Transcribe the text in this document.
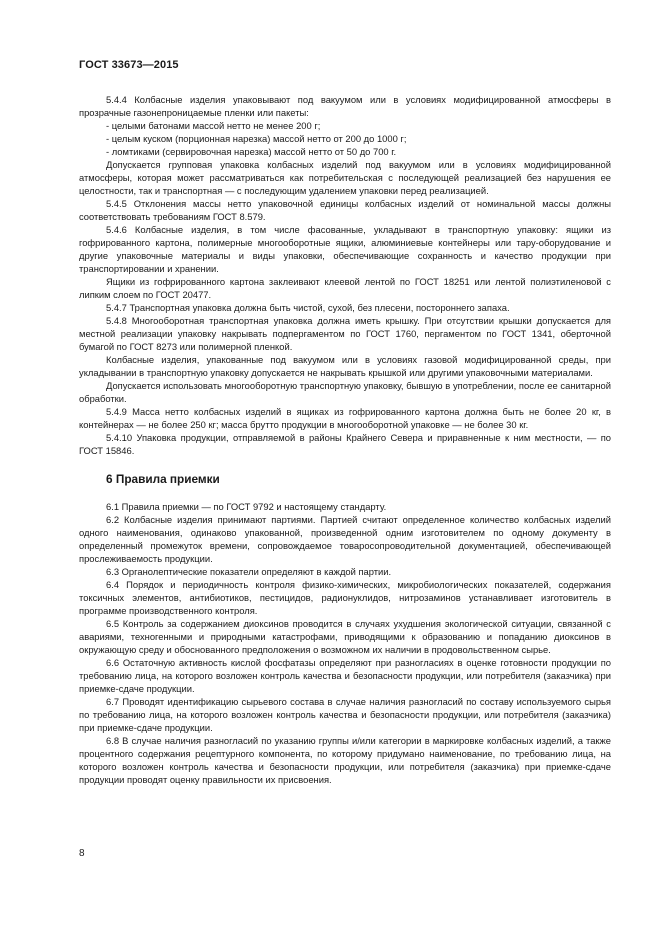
ГОСТ 33673—2015

5.4.4 Колбасные изделия упаковывают под вакуумом или в условиях модифицированной атмосферы в прозрачные газонепроницаемые пленки или пакеты:

- целыми батонами массой нетто не менее 200 г;

- целым куском (порционная нарезка) массой нетто от 200 до 1000 г;

- ломтиками (сервировочная нарезка) массой нетто от 50 до 700 г.

Допускается групповая упаковка колбасных изделий под вакуумом или в условиях модифицированной атмосферы, которая может рассматриваться как потребительская с последующей реализацией без нарушения ее целостности, так и транспортная — с последующим удалением упаковки перед реализацией.

5.4.5 Отклонения массы нетто упаковочной единицы колбасных изделий от номинальной массы должны соответствовать требованиям ГОСТ 8.579.

5.4.6 Колбасные изделия, в том числе фасованные, укладывают в транспортную упаковку: ящики из гофрированного картона, полимерные многооборотные ящики, алюминиевые контейнеры или тару-оборудование и другие упаковочные материалы и виды упаковки, обеспечивающие сохранность и качество продукции при транспортировании и хранении.

Ящики из гофрированного картона заклеивают клеевой лентой по ГОСТ 18251 или лентой полиэтиленовой с липким слоем по ГОСТ 20477.

5.4.7 Транспортная упаковка должна быть чистой, сухой, без плесени, постороннего запаха.

5.4.8 Многооборотная транспортная упаковка должна иметь крышку. При отсутствии крышки допускается для местной реализации упаковку накрывать подпергаментом по ГОСТ 1760, пергаментом по ГОСТ 1341, оберточной бумагой по ГОСТ 8273 или полимерной пленкой.

Колбасные изделия, упакованные под вакуумом или в условиях газовой модифицированной среды, при укладывании в транспортную упаковку допускается не накрывать крышкой или другими упаковочными материалами.

Допускается использовать многооборотную транспортную упаковку, бывшую в употреблении, после ее санитарной обработки.

5.4.9 Масса нетто колбасных изделий в ящиках из гофрированного картона должна быть не более 20 кг, в контейнерах — не более 250 кг; масса брутто продукции в многооборотной упаковке — не более 30 кг.

5.4.10 Упаковка продукции, отправляемой в районы Крайнего Севера и приравненные к ним местности, — по ГОСТ 15846.

6 Правила приемки

6.1 Правила приемки — по ГОСТ 9792 и настоящему стандарту.

6.2 Колбасные изделия принимают партиями. Партией считают определенное количество колбасных изделий одного наименования, одинаково упакованной, произведенной одним изготовителем по одному документу в определенный промежуток времени, сопровождаемое товаросопроводительной документацией, обеспечивающей прослеживаемость продукции.

6.3 Органолептические показатели определяют в каждой партии.

6.4 Порядок и периодичность контроля физико-химических, микробиологических показателей, содержания токсичных элементов, антибиотиков, пестицидов, радионуклидов, нитрозаминов устанавливает изготовитель в программе производственного контроля.

6.5 Контроль за содержанием диоксинов проводится в случаях ухудшения экологической ситуации, связанной с авариями, техногенными и природными катастрофами, приводящими к образованию и попаданию диоксинов в окружающую среду и обоснованного предположения о возможном их наличии в продовольственном сырье.

6.6 Остаточную активность кислой фосфатазы определяют при разногласиях в оценке готовности продукции по требованию лица, на которого возложен контроль качества и безопасности продукции, или потребителя (заказчика) при приемке-сдаче продукции.

6.7 Проводят идентификацию сырьевого состава в случае наличия разногласий по составу используемого сырья по требованию лица, на которого возложен контроль качества и безопасности продукции, или потребителя (заказчика) при приемке-сдаче продукции.

6.8 В случае наличия разногласий по указанию группы и/или категории в маркировке колбасных изделий, а также процентного содержания рецептурного компонента, по которому придумано наименование, по требованию лица, на которого возложен контроль качества и безопасности продукции, или потребителя (заказчика) при приемке-сдаче продукции проводят оценку правильности их присвоения.

8
